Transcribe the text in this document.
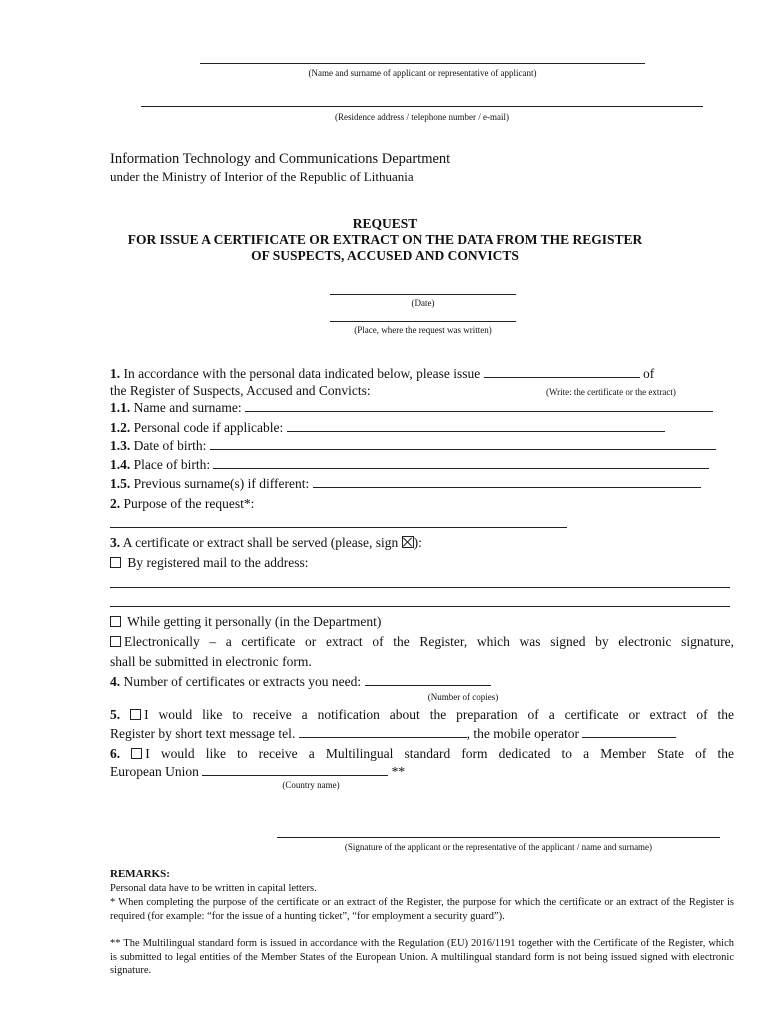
(Name and surname of applicant or representative of applicant)
(Residence address / telephone number / e-mail)
Information Technology and Communications Department
under the Ministry of Interior of the Republic of Lithuania
REQUEST
FOR ISSUE A CERTIFICATE OR EXTRACT ON THE DATA FROM THE REGISTER
OF SUSPECTS, ACCUSED AND CONVICTS
(Date)
(Place, where the request was written)
1. In accordance with the personal data indicated below, please issue	of
the Register of Suspects, Accused and Convicts:	(Write: the certificate or the extract)
1.1. Name and surname:
1.2. Personal code if applicable:
1.3. Date of birth:
1.4. Place of birth:
1.5. Previous surname(s) if different:
2. Purpose of the request*:
3. A certificate or extract shall be served (please, sign ):
By registered mail to the address:
While getting it personally (in the Department)
Electronically – a certificate or extract of the Register, which was signed by electronic signature,
shall be submitted in electronic form.
4. Number of certificates or extracts you need:
(Number of copies)
5. I would like to receive a notification about the preparation of a certificate or extract of the
Register by short text message tel.	, the mobile operator
6. I would like to receive a Multilingual standard form dedicated to a Member State of the
European Union	**
(Country name)
(Signature of the applicant or the representative of the applicant / name and surname)
REMARKS:
Personal data have to be written in capital letters.
* When completing the purpose of the certificate or an extract of the Register, the purpose for which the certificate or an extract of the Register is required (for example: “for the issue of a hunting ticket”, “for employment a security guard”).
** The Multilingual standard form is issued in accordance with the Regulation (EU) 2016/1191 together with the Certificate of the Register, which is submitted to legal entities of the Member States of the European Union. A multilingual standard form is not being issued signed with electronic signature.
